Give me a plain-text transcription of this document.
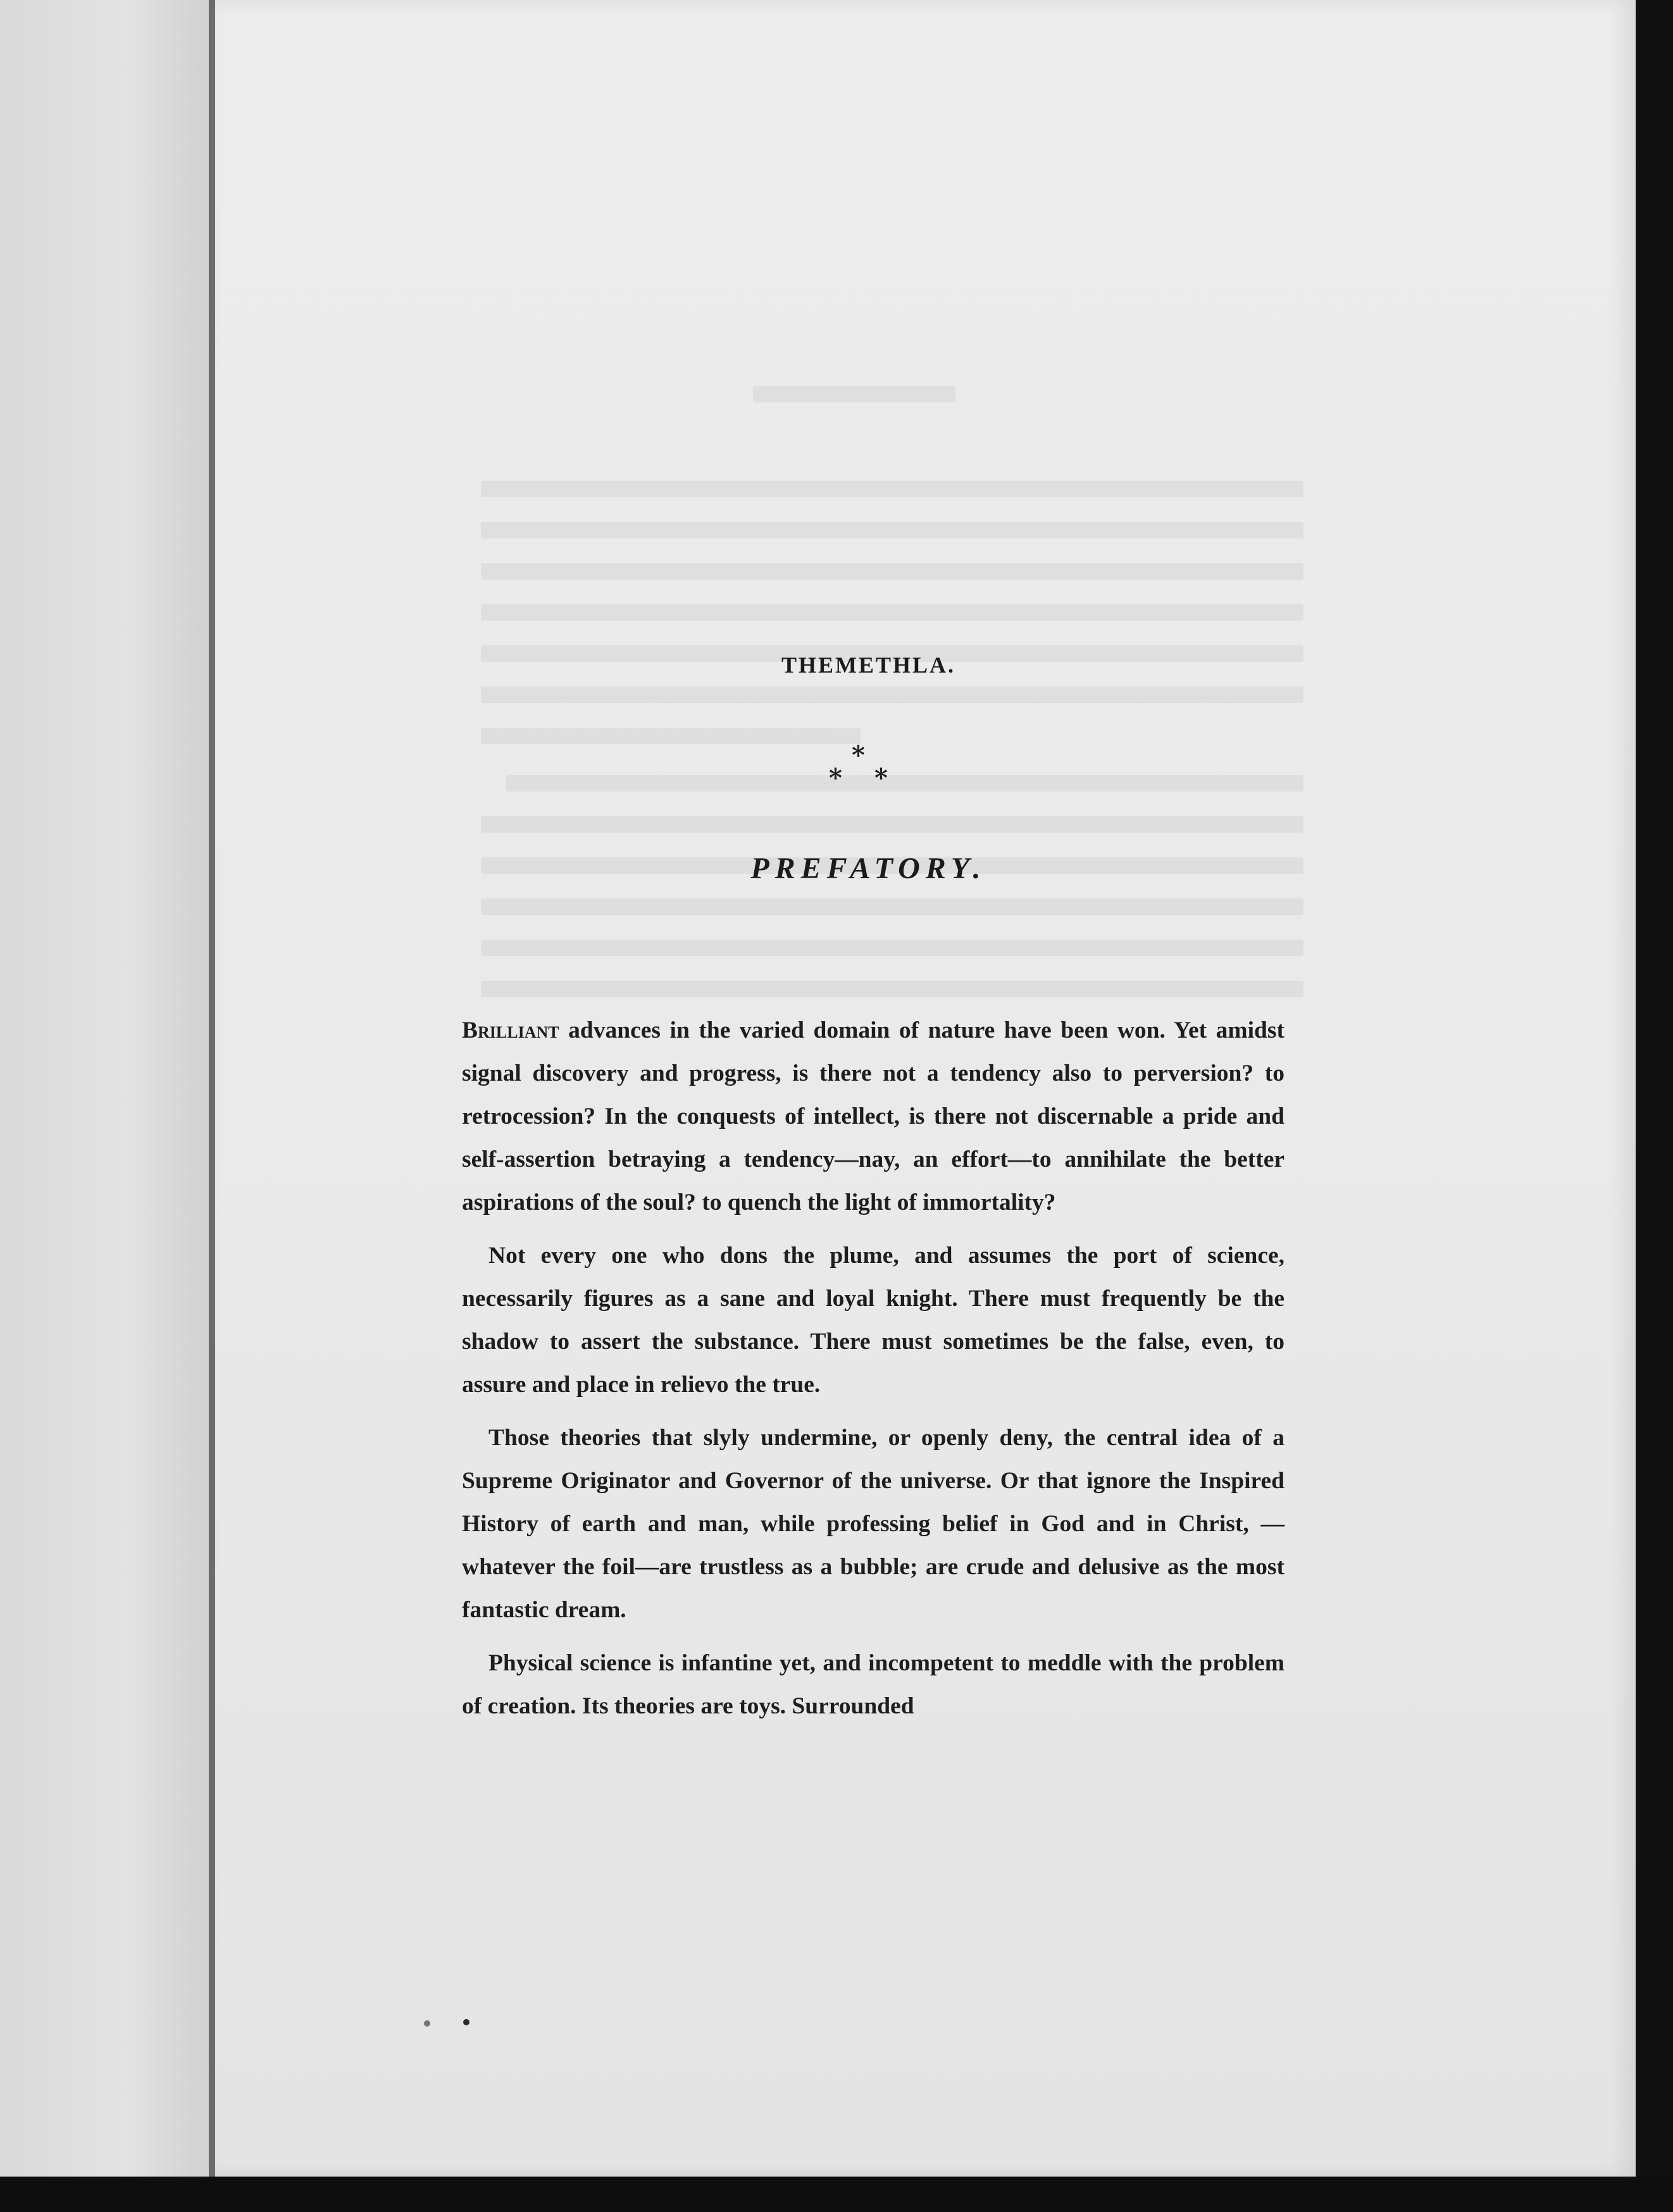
THEMETHLA.
*
* *
PREFATORY.

Brilliant advances in the varied domain of nature have been won. Yet amidst signal discovery and progress, is there not a tendency also to perversion? to retrocession? In the conquests of intellect, is there not discernable a pride and self-assertion betraying a tendency—nay, an effort—to annihilate the better aspirations of the soul? to quench the light of immortality?

Not every one who dons the plume, and assumes the port of science, necessarily figures as a sane and loyal knight. There must frequently be the shadow to assert the substance. There must sometimes be the false, even, to assure and place in relievo the true.

Those theories that slyly undermine, or openly deny, the central idea of a Supreme Originator and Governor of the universe. Or that ignore the Inspired History of earth and man, while professing belief in God and in Christ, — whatever the foil—are trustless as a bubble; are crude and delusive as the most fantastic dream.

Physical science is infantine yet, and incompetent to meddle with the problem of creation. Its theories are toys. Surrounded
